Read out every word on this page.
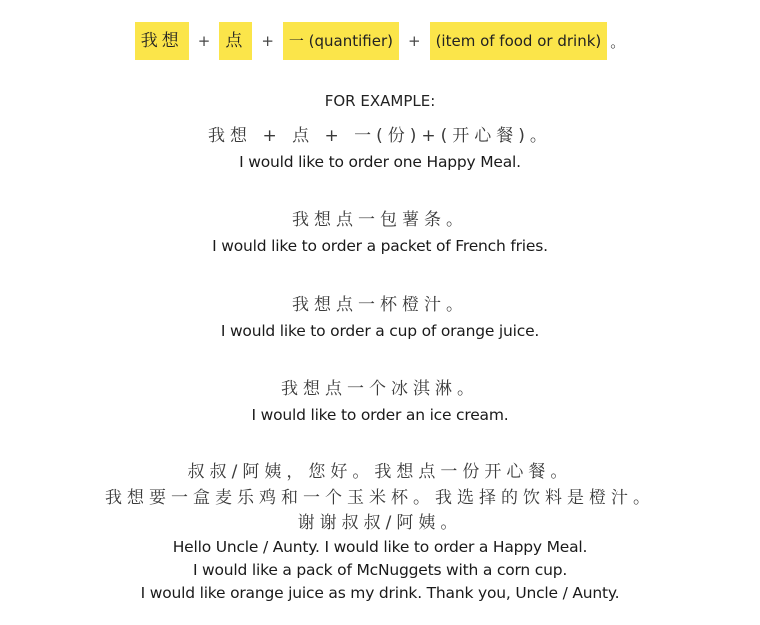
我想	+ 点	+	一 (quantifier)	+	(item of food or drink) 。
FOR EXAMPLE:
我想 + 点 + 一(份)+(开心餐)。
I would like to order one Happy Meal.
我想点一包薯条。
I would like to order a packet of French fries.
我想点一杯橙汁。
I would like to order a cup of orange juice.
我想点一个冰淇淋。
I would like to order an ice cream.
叔叔/阿姨，您好。我想点一份开心餐。
我想要一盒麦乐鸡和一个玉米杯。我选择的饮料是橙汁。
谢谢叔叔/阿姨。
Hello Uncle / Aunty. I would like to order a Happy Meal.
I would like a pack of McNuggets with a corn cup.
I would like orange juice as my drink. Thank you, Uncle / Aunty.
